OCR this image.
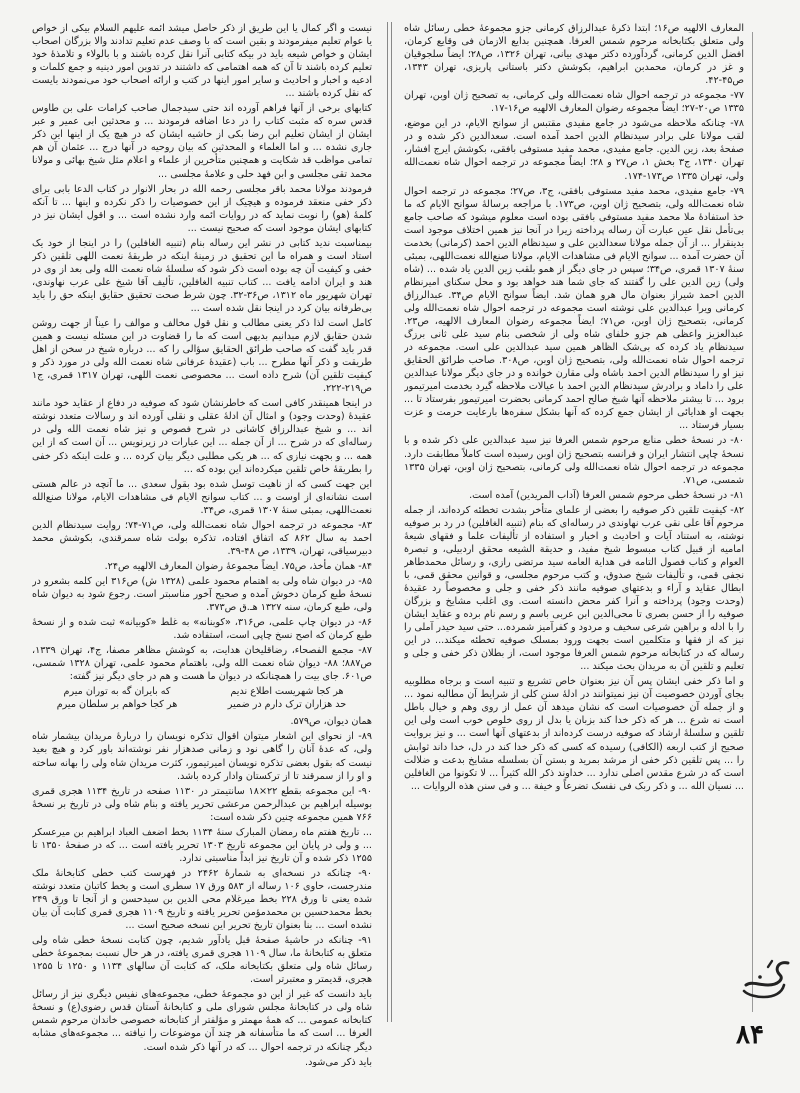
المعارف الالهیه ص۱۶؛ ابتدا ذکرۀ عبدالرزاق کرمانی جزو مجموعۀ خطی رسائل شاه ولی متعلق بکتابخانه مرحوم شمس العرفا. همچنین بدایع الازمان فی وقایع کرمان، افضل الدین کرمانی، گردآورده دکتر مهدی بیانی، تهران ۱۳۲۶، ص۲۸؛ ایضاً سلجوقیان و غز در کرمان، محمدبن ابراهیم، بکوشش دکتر باستانی پاریزی، تهران ۱۳۴۳، ص۴۵-۴۲.

۷۷- مجموعه در ترجمه احوال شاه نعمت‌الله ولی کرمانی، به تصحیح ژان اوبن، تهران ۱۳۳۵ ص۲۰-۲۷؛ ایضاً مجموعه رضوان المعارف الالهیه ص۱۶-۱۷.

۷۸- چنانکه ملاحظه می‌شود در جامع مفیدی مقتبس از سوانح الایام، در این موضع، لقب مولانا علی برادر سیدنظام الدین احمد آمده است. سعدالدین ذکر شده و در صفحۀ بعد، زین الدین. جامع مفیدی، محمد مفید مستوفی بافقی، بکوشش ایرج افشار، تهران ۱۳۴۰، ج۳ بخش ۱، ص۲۷ و ۲۸؛ ایضاً مجموعه در ترجمه احوال شاه نعمت‌الله ولی، تهران ۱۳۳۵ ص۱۷۳-۱۷۴.

۷۹- جامع مفیدی، محمد مفید مستوفی بافقی، ج۳، ص۲۷؛ مجموعه در ترجمه احوال شاه نعمت‌الله ولی، بتصحیح ژان اوبن، ص۱۷۳. با مراجعه برسالۀ سوانح الایام که ما خذ استفادۀ ملا محمد مفید مستوفی بافقی بوده است معلوم میشود که صاحب جامع بی‌تأمل نقل عین عبارت آن رساله پرداخته زیرا در آنجا نیز همین اختلاف موجود است بدینقرار ... از آن جمله مولانا سعدالدین علی و سیدنظام الدین احمد (کرمانی) بخدمت آن حضرت آمده ... سوانح الایام فی مشاهدات الایام، مولانا صنع‌الله نعمت‌اللهی، بمبئی سنۀ ۱۳۰۷ قمری، ص۳۴؛ سپس در جای دیگر از همو بلقب زین الدین یاد شده ... (شاه ولی) زین الدین علی را گفتند که جای شما هند خواهد بود و محل سکنای امیرنظام الدین احمد شیراز بعنوان مال هرو همان شد. ایضاً سوانح الایام ص۳۴. عبدالرزاق کرمانی ویرا عبدالدین علی نوشته است مجموعه در ترجمه احوال شاه نعمت‌الله ولی کرمانی، بتصحیح ژان اوبن، ص۷۱؛ ایضاً مجموعه رضوان المعارف الالهیه، ص۲۳. عبدالعزیز واعظی هم جزو خلفای شاه ولی از شخصی بنام سید علی ثانی برزگ سیدنظام یاد کرده که بی‌شک الظاهر همین سید عبدالدین علی است. مجموعه در ترجمه احوال شاه نعمت‌الله ولی، بتصحیح ژان اوبن، ص۳۰۸. صاحب طرائق الحقایق نیز او را سیدنظام الدین احمد باشاه ولی مقارن خوانده و در جای دیگر مولانا عبدالدین علی را داماد و برادرش سیدنظام الدین احمد با عیالات ملاحظه گیرد بخدمت امیرتیمور برود ... تا بیشتر ملاحظه آنها شیخ صالح احمد کرمانی بحضرت امیرتیمور بفرستاد تا ... بجهت او هدایائی از ایشان جمع کرده که آنها بشکل سفره‌ها بارعایت حرمت و عزت بسیار فرستاد ...

۸۰- در نسخۀ خطی منابع مرحوم شمس العرفا نیز سید عبدالدین علی ذکر شده و با نسخۀ چاپی انتشار ایران و فرانسه بتصحیح ژان اوبن رسیده است کاملاً مطابقت دارد. مجموعه در ترجمه احوال شاه نعمت‌الله ولی کرمانی، بتصحیح ژان اوبن، تهران ۱۳۳۵ شمسی، ص۷۱.

۸۱- در نسخۀ خطی مرحوم شمس العرفا (آداب المریدین) آمده است.

۸۲- کیفیت تلقین ذکر صوفیه را بعضی از علمای متأخر بشدت تخطئه کرده‌اند، از جمله مرحوم آقا علی نقی عرب نهاوندی در رساله‌ای که بنام (تنبیه الغافلین) در رد بر صوفیه نوشته، به استناد آیات و احادیث و اخبار و استفاده از تألیفات علما و فقهای شیعۀ امامیه از قبیل کتاب مبسوط شیخ مفید، و حدیقة الشیعه محقق اردبیلی، و تبصرة العوام و کتاب فصول التامه فی هدایة العامه سید مرتضی رازی، و رسائل محمدطاهر نجفی قمی، و تألیفات شیخ صدوق، و کتب مرحوم مجلسی، و قوانین محقق قمی، با ابطال عقاید و آراء و بدعتهای صوفیه مانند ذکر خفی و جلی و مخصوصاً رد عقیدۀ (وحدت وجود) پرداخته و آنرا کفر محض دانسته است. وی اغلب مشایخ و بزرگان صوفیه را از حسن بصری تا محی‌الدین ابن عربی باسم و رسم نام برده و عقاید ایشان را با ادله و براهین شرعی سخیف و مردود و کفرآمیز شمرده... حتی سید حیدر آملی را نیز که از فقها و متکلمین است بجهت ورود بمسلک صوفیه تخطئه میکند... در این رساله که در کتابخانه مرحوم شمس العرفا موجود است، از بطلان ذکر خفی و جلی و تعلیم و تلقین آن به مریدان بحث میکند ...

و اما ذکر خفی ایشان پس آن نیز بعنوان خاص تشریع و تنبیه است و برجاه مطلوبیه بجای آوردن خصوصیت آن نیز نمیتوانند در ادلۀ سنن کلی از شرایط آن مطالبه نمود ... و از جمله آن خصوصیات است که نشان میدهد آن عمل از روی وهم و خیال باطل است نه شرع ... هر که ذکر خدا کند بزبان یا بدل از روی خلوص خوب است ولی این تلقین و سلسلۀ ارشاد که صوفیه درست کرده‌اند از بدعتهای آنها است ... و نیز بروایت صحیح از کتب اربعه (الکافی) رسیده که کسی که ذکر خدا کند در دل، خدا داند ثوابش را ... پس تلقین ذکر خفی از مرشد بمرید و بستن آن بسلسله مشایخ بدعت و ضلالت است که در شرع مقدس اصلی ندارد ... خداوند ذکر الله کثیراً ... لا تکونوا من الغافلین ... نسیان الله ... و ذکر ربک فی نفسک تضرعاً و خیفة ... و فی سنن هذه الروایات ...

نیست و اگر کمال یا این طریق از ذکر حاصل میشد ائمه علیهم السلام بیکی از خواص یا عوام تعلیم میفرمودند و بقین است که با وصف عدم تعلیم تدادند والا بزرگان اصحاب ایشان و خواص شیعه باید در بیکه کتابی آنرا نقل کرده باشند و با بالولاء و تلامذۀ خود تعلیم کرده باشند تا آن که همه اهتمامی که داشتند در تدوین امور دینیه و جمع کلمات و ادعیه و اخبار و احادیث و سایر امور اینها در کتب و ارائه اصحاب خود می‌نمودند بایست که نقل کرده باشند ...

کتابهای برخی از آنها فراهم آورده اند حتی سیدجمال صاحب کرامات علی بن طاوس قدس سره که مثبت کتاب را در دعا اضافه فرمودند ... و محدثین ابی عمیر و عبر ایشان از ایشان تعلیم ابن رضا بکی از حاشیه ایشان که در هیچ یک از اینها این ذکر جاری نشده ... و اما العلماء و المحدثین که بیان روحیه در آنها درج ... عثمان آن هم تمامی مواظب قد شکایت و همچنین متأخرین از علماء و اعلام مثل شیخ بهائی و مولانا محمد تقی مجلسی و ابن فهد حلی و علامۀ مجلسی ...

فرمودند مولانا محمد باقر مجلسی رحمه الله در بحار الانوار در کتاب الدعا بابی برای ذکر خفی منعقد فرموده و هیچیک از این خصوصیات را ذکر نکرده و اینها ... تا آنکه کلمۀ (هو) را نوبت نماید که در روایات ائمه وارد نشده است ... و اقول ایشان نیز در کتابهای ایشان موجود است که صحیح نیست ...

بیمناسبت ندید کتابی در نشر این رساله بنام (تنبیه الغافلین) را در اینجا از خود یک استاد است و همراه ما این تحقیق در زمینۀ اینکه در طریقۀ نعمت اللهی تلقین ذکر خفی و کیفیت آن چه بوده است ذکر شود که سلسلۀ شاه نعمت الله ولی بعد از وی در هند و ایران ادامه یافت ... کتاب تنبیه الغافلین، تألیف آقا شیخ علی عرب نهاوندی، تهران شهریور ماه ۱۳۱۲، ص۳۶-۳۲. چون شرط صحت تحقیق حقایق اینکه حق را باید بی‌طرفانه بیان کرد در اینجا نقل شده است ...

کامل است لذا ذکر یعنی مطالب و نقل قول مخالف و موالف را عیناً از جهت روشن شدن حقایق لازم میدانیم بدیهی است که ما را قضاوت در این مسئله نیست و همین قدر باید گفت که صاحب طرائق الحقایق سؤالی را که ... درباره شیخ در سخن از اهل طریقت و ذکر آنها مطرح ... باب (عقیدۀ عرفانی شاه نعمت الله ولی در مورد ذکر و کیفیت تلقین آن) شرح داده است ... محصوصی نعمت اللهی، تهران ۱۳۱۷ قمری، ج۱ ص۲۱۹-۲۲۲.

در اینجا همینقدر کافی است که خاطرنشان شود که صوفیه در دفاع از عقاید خود مانند عقیدۀ (وحدت وجود) و امثال آن ادلۀ عقلی و نقلی آورده اند و رسالات متعدد نوشته اند ... و شیخ عبدالرزاق کاشانی در شرح فصوص و نیز شاه نعمت الله ولی در رساله‌ای که در شرح ... از آن جمله ... این عبارات در زیرنویس ... آن است که از این همه ... و بجهت نیازی که ... هر یکی مطلبی دیگر بیان کرده ... و علت اینکه ذکر خفی را بطریقۀ خاص تلقین میکرده‌اند این بوده که ...

این جهت کسی که از ناهیت توسل شده بود بقول سعدی ... ما آنچه در عالم هستی است نشانه‌ای از اوست و ... کتاب سوانح الایام فی مشاهدات الایام، مولانا صنع‌الله نعمت‌اللهی، بمبئی سنۀ ۱۳۰۷ قمری، ص۳۴.

۸۳- مجموعه در ترجمه احوال شاه نعمت‌الله ولی، ص۷۱-۷۴؛ روایت سیدنظام الدین احمد به سال ۸۶۲ که اتفاق افتاده، تذکره بولت شاه سمرقندی، بکوشش محمد دبیرسیاقی، تهران، ۱۳۳۹، ص ۴۸-۳۹.

۸۴- همان مأخذ، ص۷۵. ایضاً مجموعۀ رضوان المعارف الالهیه ص۲۴.

۸۵- در دیوان شاه ولی به اهتمام محمود علمی (۱۳۲۸ ش) ص۳۱۶ این کلمه بشعرو در نسخۀ طبع کرمان دخوش آمده و صحیح آخور مناسبتر است. رجوع شود به دیوان شاه ولی، طبع کرمان، سنه ۱۳۲۷ هـ.ق ص۳۷۳.

۸۶- در دیوان چاپ علمی، ص۳۱۶، «کوبنانه» به غلط «کوبیانه» ثبت شده و از نسخۀ طبع کرمان که اصح نسخ چاپی است، استفاده شد.

۸۷- مجمع الفصحاء، رضاقلیخان هدایت، به کوشش مظاهر مصفا، ج۴، تهران ۱۳۳۹، ص۸۸۷؛ ۸۸- دیوان شاه نعمت الله ولی، باهتمام محمود علمی، تهران ۱۳۲۸ شمسی، ص۶۰۱. جای بیت را همچنانکه در دیوان ما هست و هم در جای دیگر نیز گفته:

هر کجا شهریست اطلاع ندیم	که بایران گه به توران میرم
حد هزاران ترک دارم در ضمیر	هر کجا خواهم بر سلطان میرم

همان دیوان، ص۵۷۹.

۸۹- از نحوای این اشعار میتوان اقوال تذکره نویسان را دربارۀ مریدان بیشمار شاه ولی، که عدۀ آنان را گاهی نود و زمانی صدهزار نفر نوشته‌اند باور کرد و هیچ بعید نیست که بقول بعضی تذکره نویسان امیرتیمور، کثرت مریدان شاه ولی را بهانه ساخته و او را از سمرقند تا از ترکستان وادار کرده باشد.

۹۰- این مجموعه بقطع ۲۲×۱۸ سانتیمتر در ۱۱۳۰ صفحه در تاریخ ۱۱۳۴ هجری قمری بوسیله ابراهیم بن عبدالرحمن مرعشی تحریر یافته و بنام شاه ولی در تاریخ بر نسخۀ ۷۶۶ همین مجموعه چنین ذکر شده است:

... تاریخ هفتم ماه رمضان المبارک سنۀ ۱۱۳۴ بخط اضعف العباد ابراهیم بن میرعسکر ... و ولی در پایان این مجموعه تاریخ ۱۳۰۳ تحریر یافته است ... که در صفحۀ ۱۳۵۰ تا ۱۲۵۵ ذکر شده و آن تاریخ نیز ابداً مناسبتی ندارد.

۹۰- چنانکه در نسخه‌ای به شمارۀ ۲۴۶۲ در فهرست کتب خطی کتابخانۀ ملک مندرجست، حاوی ۱۰۶ رساله از ۵۸۳ ورق ۱۷ سطری است و بخط کاتبان متعدد نوشته شده یعنی تا ورق ۲۲۸ بخط میرغلام محی الدین بن سیدحسن و از آنجا تا ورق ۲۴۹ بخط محمدحسین بن محمدمؤمن تحریر یافته و تاریخ ۱۱۰۹ هجری قمری کتابت آن بیان نشده است ... بنا بعنوان تاریخ تحریر این نسخه صحیح است ...

۹۱- چنانکه در حاشیۀ صفحۀ قبل یادآور شدیم، چون کتابت نسخۀ خطی شاه ولی متعلق به کتابخانۀ ما، سال ۱۱۰۹ هجری قمری یافته، در هر حال نسبت بمجموعۀ خطی رسائل شاه ولی متعلق بکتابخانه ملک، که کتابت آن سالهای ۱۱۳۴ و ۱۲۵۰ تا ۱۲۵۵ هجری، قدیمتر و معتبرتر است.

باید دانست که غیر از این دو مجموعۀ خطی، مجموعه‌های نفیس دیگری نیز از رسائل شاه ولی در کتابخانۀ مجلس شورای ملی و کتابخانۀ آستان قدس رضوی(ع) و نسخۀ کتابخانه عمومی ... که همۀ مهمتر و مؤلفتر از کتابخانه خصوصی خاندان مرحوم شمس العرفا ... است که ما متأسفانه هر چند آن موضوعات را نیافته ... مجموعه‌های مشابه دیگر چنانکه در ترجمه احوال ... که در آنها ذکر شده است.

باید ذکر می‌شود.

۸۴
